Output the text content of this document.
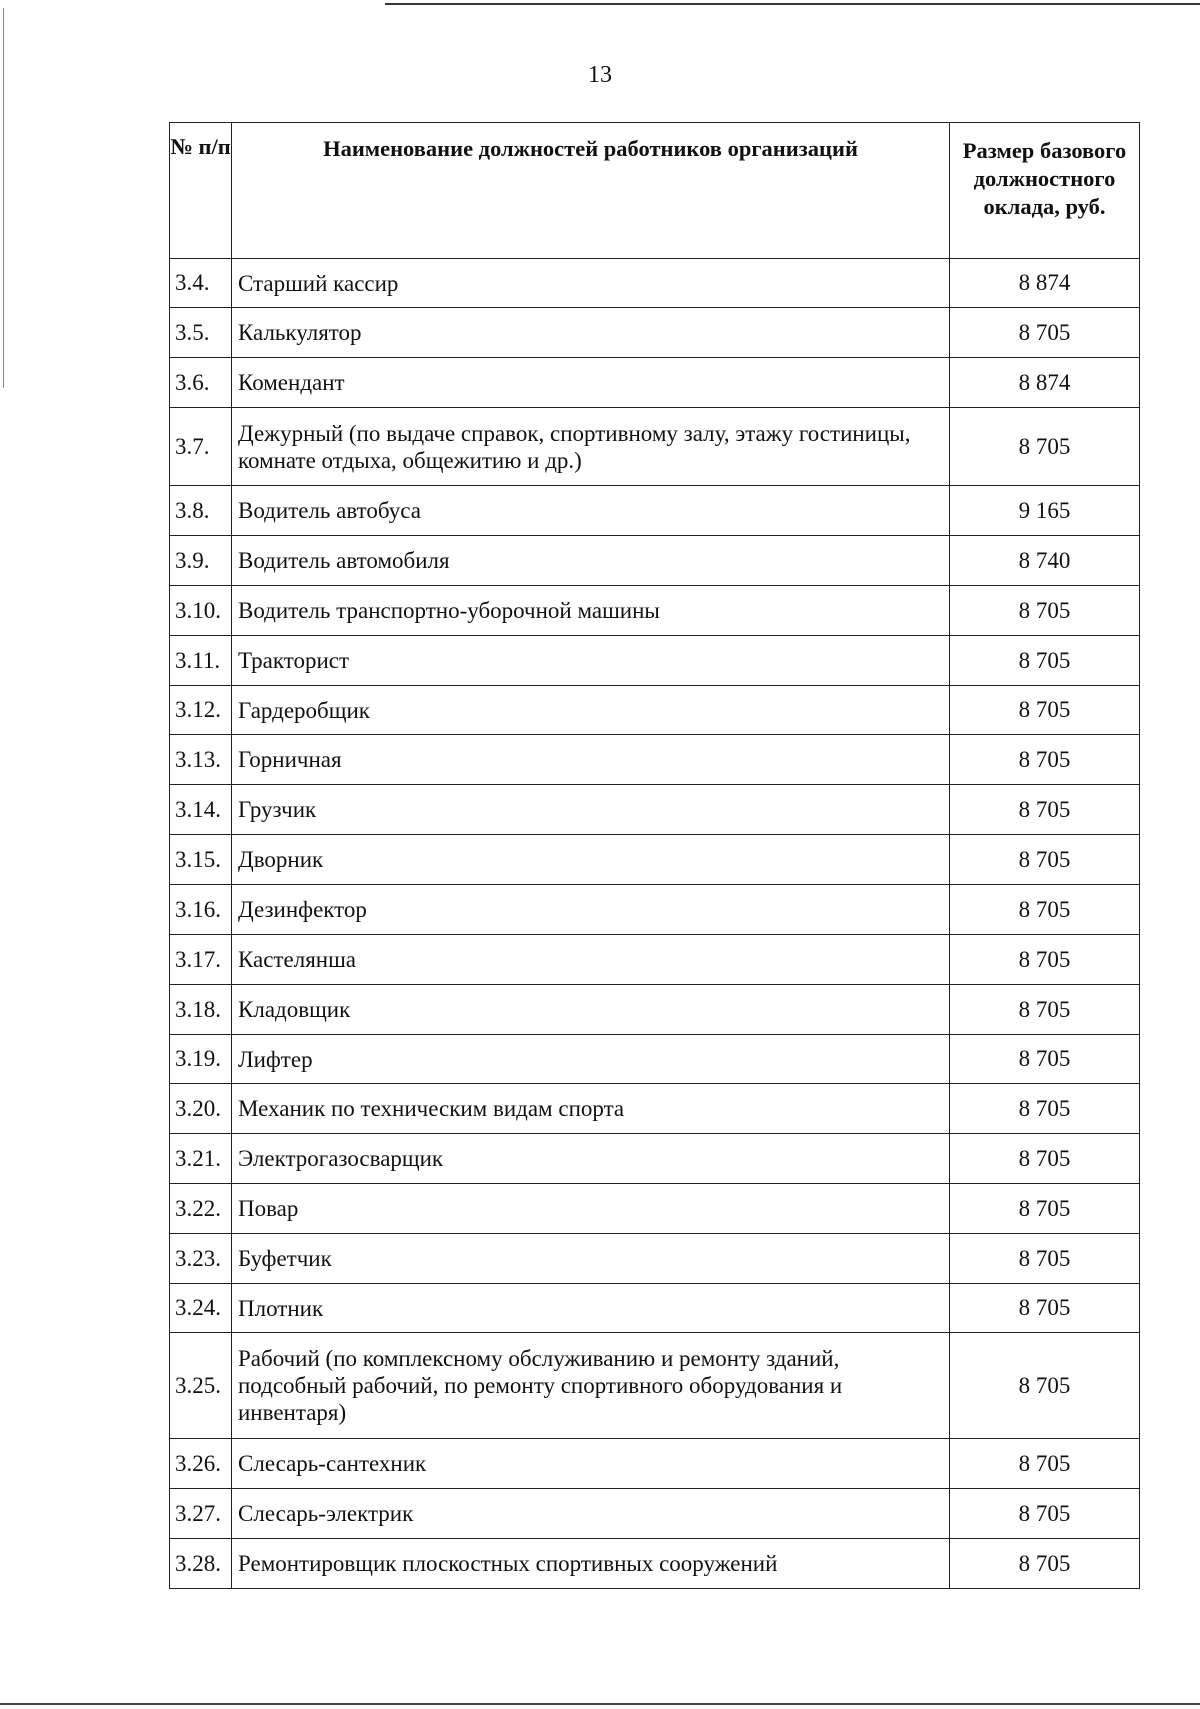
13
№ п/п	Наименование должностей работников организаций	Размер базового должностного оклада, руб.
3.4.	Старший кассир	8 874
3.5.	Калькулятор	8 705
3.6.	Комендант	8 874
3.7.	Дежурный (по выдаче справок, спортивному залу, этажу гостиницы, комнате отдыха, общежитию и др.)	8 705
3.8.	Водитель автобуса	9 165
3.9.	Водитель автомобиля	8 740
3.10.	Водитель транспортно-уборочной машины	8 705
3.11.	Тракторист	8 705
3.12.	Гардеробщик	8 705
3.13.	Горничная	8 705
3.14.	Грузчик	8 705
3.15.	Дворник	8 705
3.16.	Дезинфектор	8 705
3.17.	Кастелянша	8 705
3.18.	Кладовщик	8 705
3.19.	Лифтер	8 705
3.20.	Механик по техническим видам спорта	8 705
3.21.	Электрогазосварщик	8 705
3.22.	Повар	8 705
3.23.	Буфетчик	8 705
3.24.	Плотник	8 705
3.25.	Рабочий (по комплексному обслуживанию и ремонту зданий, подсобный рабочий, по ремонту спортивного оборудования и инвентаря)	8 705
3.26.	Слесарь-сантехник	8 705
3.27.	Слесарь-электрик	8 705
3.28.	Ремонтировщик плоскостных спортивных сооружений	8 705
